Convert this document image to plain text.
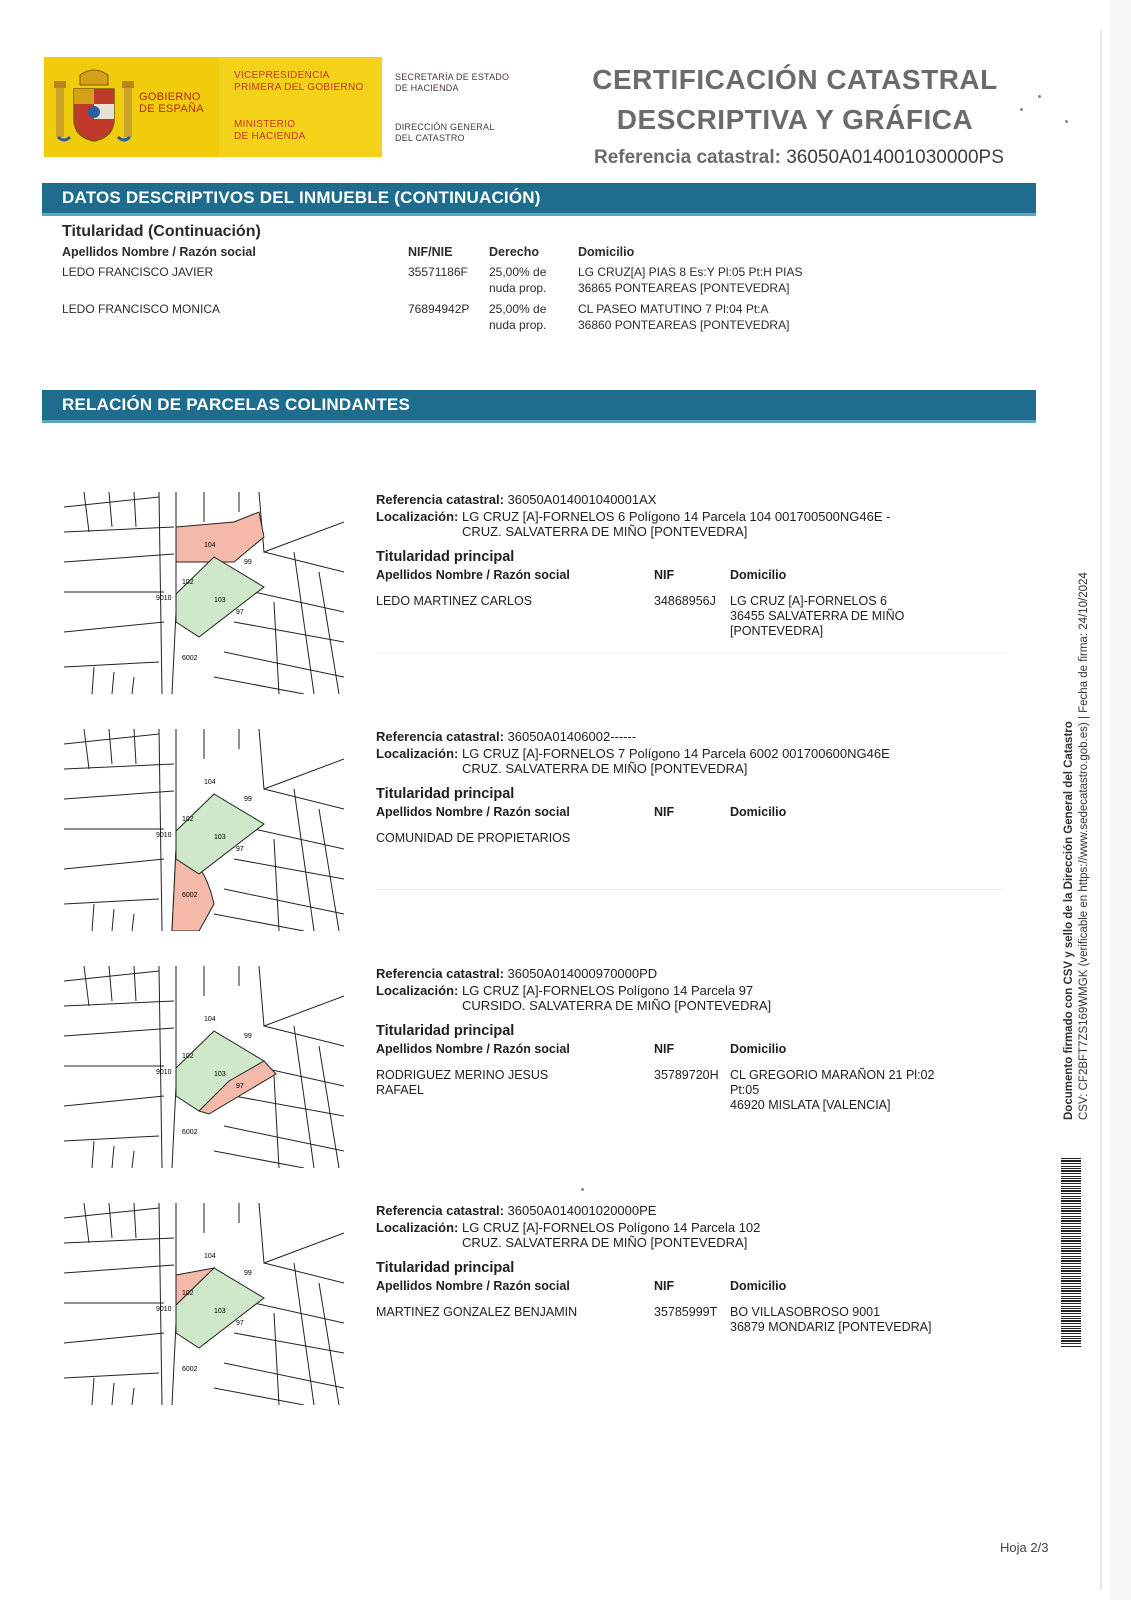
GOBIERNO
DE ESPAÑA
VICEPRESIDENCIA
PRIMERA DEL GOBIERNO
MINISTERIO
DE HACIENDA
SECRETARÍA DE ESTADO
DE HACIENDA
DIRECCIÓN GENERAL
DEL CATASTRO
CERTIFICACIÓN CATASTRAL
DESCRIPTIVA Y GRÁFICA
Referencia catastral: 36050A014001030000PS
DATOS DESCRIPTIVOS DEL INMUEBLE (CONTINUACIÓN)
Titularidad (Continuación)
Apellidos Nombre / Razón social	NIF/NIE	Derecho	Domicilio
LEDO FRANCISCO JAVIER	35571186F 25,00% de
nuda prop.
LG CRUZ[A] PIAS 8 Es:Y Pl:05 Pt:H PIAS
36865 PONTEAREAS [PONTEVEDRA]
LEDO FRANCISCO MONICA	76894942P 25,00% de
nuda prop.
CL PASEO MATUTINO 7 Pl:04 Pt:A
36860 PONTEAREAS [PONTEVEDRA]
RELACIÓN DE PARCELAS COLINDANTES
104
102
103
99
97
6002
9010
Referencia catastral: 36050A014001040001AX
Localización: LG CRUZ [A]-FORNELOS 6 Polígono 14 Parcela 104 001700500NG46E -
CRUZ. SALVATERRA DE MIÑO [PONTEVEDRA]
Titularidad principal
Apellidos Nombre / Razón social	NIF	Domicilio
LEDO MARTINEZ CARLOS	34868956J LG CRUZ [A]-FORNELOS 6
36455 SALVATERRA DE MIÑO
[PONTEVEDRA]
104
102
103
99
97
6002
9010
Referencia catastral: 36050A01406002------
Localización: LG CRUZ [A]-FORNELOS 7 Polígono 14 Parcela 6002 001700600NG46E
CRUZ. SALVATERRA DE MIÑO [PONTEVEDRA]
Titularidad principal
Apellidos Nombre / Razón social	NIF	Domicilio
COMUNIDAD DE PROPIETARIOS
104
102
103
99
97
6002
9010
Referencia catastral: 36050A014000970000PD
Localización: LG CRUZ [A]-FORNELOS Polígono 14 Parcela 97
CURSIDO. SALVATERRA DE MIÑO [PONTEVEDRA]
Titularidad principal
Apellidos Nombre / Razón social	NIF	Domicilio
RODRIGUEZ MERINO JESUS
RAFAEL
35789720H CL GREGORIO MARAÑON 21 Pl:02
Pt:05
46920 MISLATA [VALENCIA]
104
102
103
99
97
6002
9010
Referencia catastral: 36050A014001020000PE
Localización: LG CRUZ [A]-FORNELOS Polígono 14 Parcela 102
CRUZ. SALVATERRA DE MIÑO [PONTEVEDRA]
Titularidad principal
Apellidos Nombre / Razón social	NIF	Domicilio
MARTINEZ GONZALEZ BENJAMIN	35785999T BO VILLASOBROSO 9001
36879 MONDARIZ [PONTEVEDRA]
Documento firmado con CSV y sello de la Dirección General del Catastro CSV: CF2BFT7ZS169WMGK (verificable en https://www.sedecatastro.gob.es) | Fecha de firma: 24/10/2024
Hoja 2/3
